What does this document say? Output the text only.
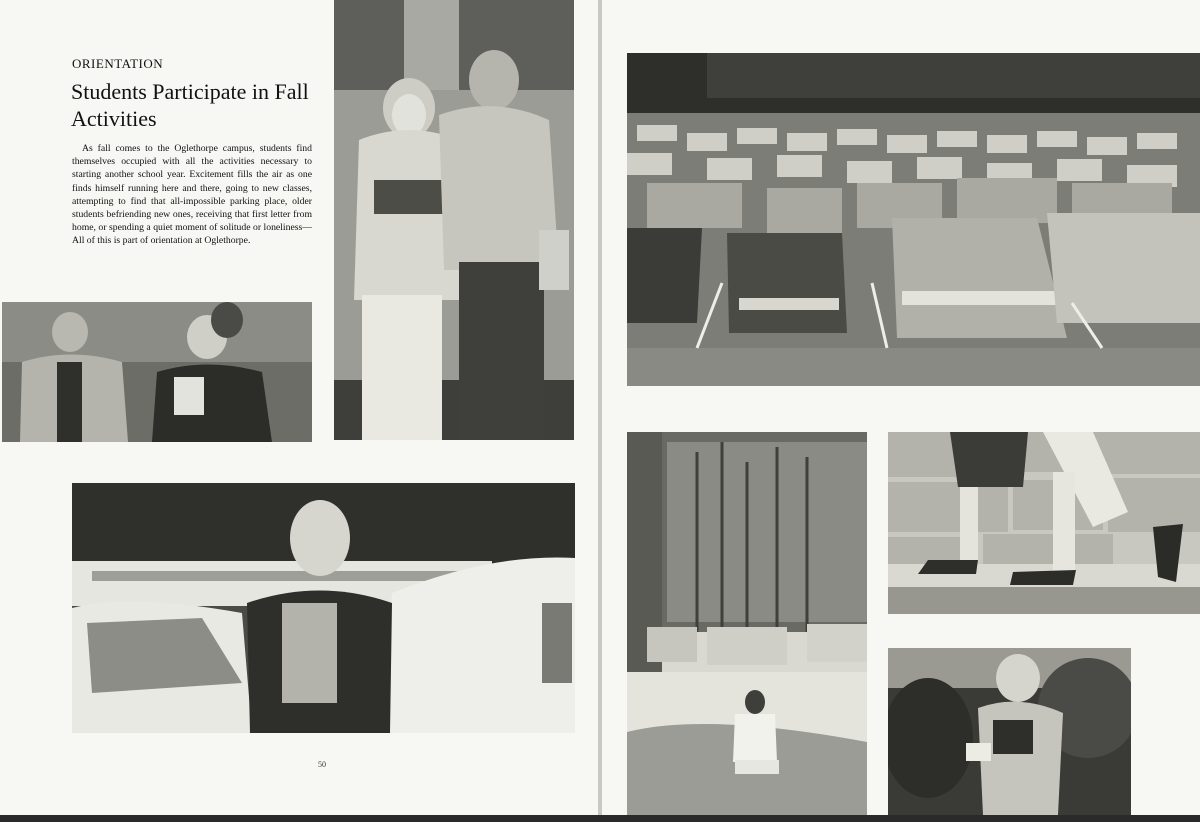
ORIENTATION
Students Participate in Fall Activities
As fall comes to the Oglethorpe campus, students find themselves occupied with all the activities necessary to starting another school year. Excitement fills the air as one finds himself running here and there, going to new classes, attempting to find that all-impossible parking place, older students befriending new ones, receiving that first letter from home, or spending a quiet moment of solitude or loneliness—All of this is part of orientation at Oglethorpe.
50
